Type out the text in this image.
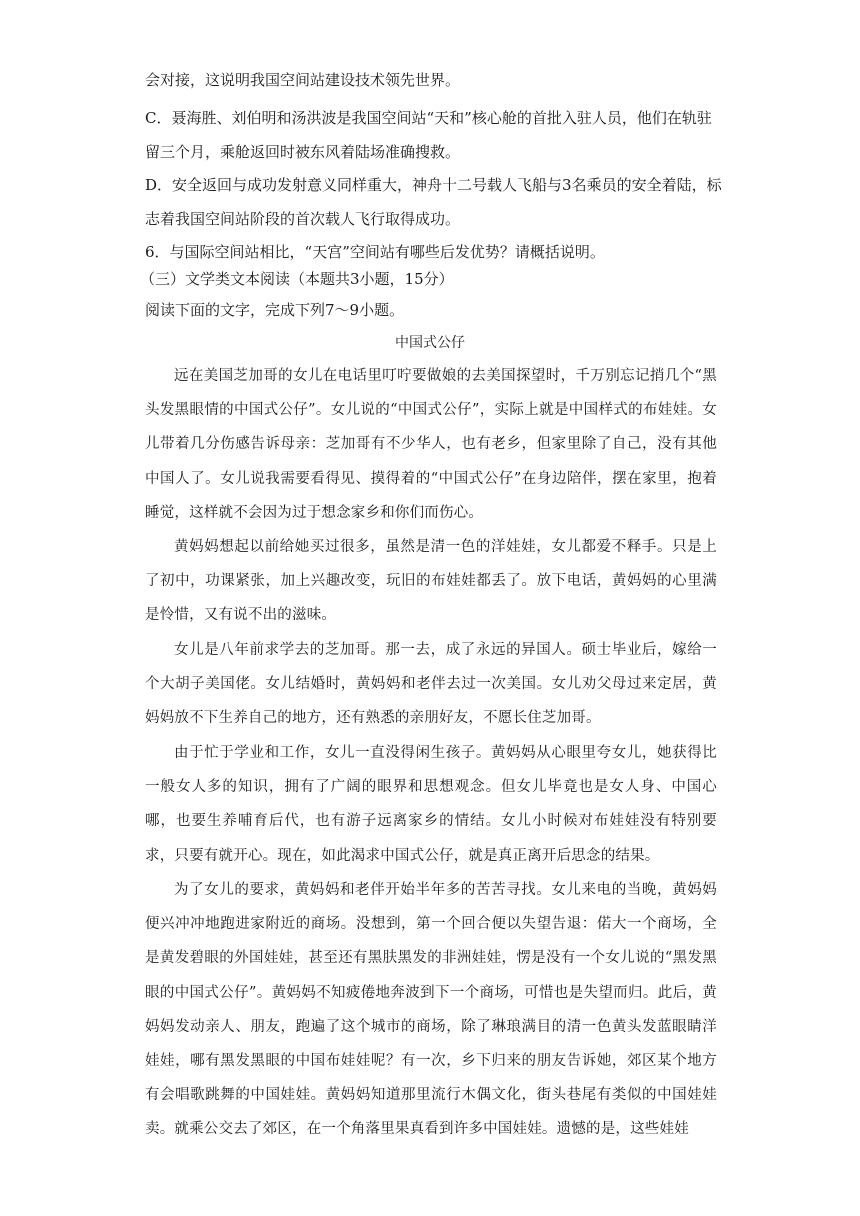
会对接，这说明我国空间站建设技术领先世界。

C．聂海胜、刘伯明和汤洪波是我国空间站“天和”核心舱的首批入驻人员，他们在轨驻留三个月，乘舱返回时被东风着陆场准确搜救。

D．安全返回与成功发射意义同样重大，神舟十二号载人飞船与3名乘员的安全着陆，标志着我国空间站阶段的首次载人飞行取得成功。

6．与国际空间站相比，“天宫”空间站有哪些后发优势？请概括说明。

（三）文学类文本阅读（本题共3小题，15分）

阅读下面的文字，完成下列7～9小题。

中国式公仔

远在美国芝加哥的女儿在电话里叮咛要做娘的去美国探望时，千万别忘记捎几个“黑头发黑眼情的中国式公仔”。女儿说的“中国式公仔”，实际上就是中国样式的布娃娃。女儿带着几分伤感告诉母亲：芝加哥有不少华人，也有老乡，但家里除了自己，没有其他中国人了。女儿说我需要看得见、摸得着的“中国式公仔”在身边陪伴，摆在家里，抱着睡觉，这样就不会因为过于想念家乡和你们而伤心。

黄妈妈想起以前给她买过很多，虽然是清一色的洋娃娃，女儿都爱不释手。只是上了初中，功课紧张，加上兴趣改变，玩旧的布娃娃都丢了。放下电话，黄妈妈的心里满是怜惜，又有说不出的滋味。

女儿是八年前求学去的芝加哥。那一去，成了永远的异国人。硕士毕业后，嫁给一个大胡子美国佬。女儿结婚时，黄妈妈和老伴去过一次美国。女儿劝父母过来定居，黄妈妈放不下生养自己的地方，还有熟悉的亲朋好友，不愿长住芝加哥。

由于忙于学业和工作，女儿一直没得闲生孩子。黄妈妈从心眼里夸女儿，她获得比一般女人多的知识，拥有了广阔的眼界和思想观念。但女儿毕竟也是女人身、中国心哪，也要生养哺育后代，也有游子远离家乡的情结。女儿小时候对布娃娃没有特别要求，只要有就开心。现在，如此渴求中国式公仔，就是真正离开后思念的结果。

为了女儿的要求，黄妈妈和老伴开始半年多的苦苦寻找。女儿来电的当晚，黄妈妈便兴冲冲地跑进家附近的商场。没想到，第一个回合便以失望告退：偌大一个商场，全是黄发碧眼的外国娃娃，甚至还有黑肤黑发的非洲娃娃，愣是没有一个女儿说的“黑发黑眼的中国式公仔”。黄妈妈不知疲倦地奔波到下一个商场，可惜也是失望而归。此后，黄妈妈发动亲人、朋友，跑遍了这个城市的商场，除了琳琅满目的清一色黄头发蓝眼睛洋娃娃，哪有黑发黑眼的中国布娃娃呢？有一次，乡下归来的朋友告诉她，郊区某个地方有会唱歌跳舞的中国娃娃。黄妈妈知道那里流行木偶文化，街头巷尾有类似的中国娃娃卖。就乘公交去了郊区，在一个角落里果真看到许多中国娃娃。遗憾的是，这些娃娃
